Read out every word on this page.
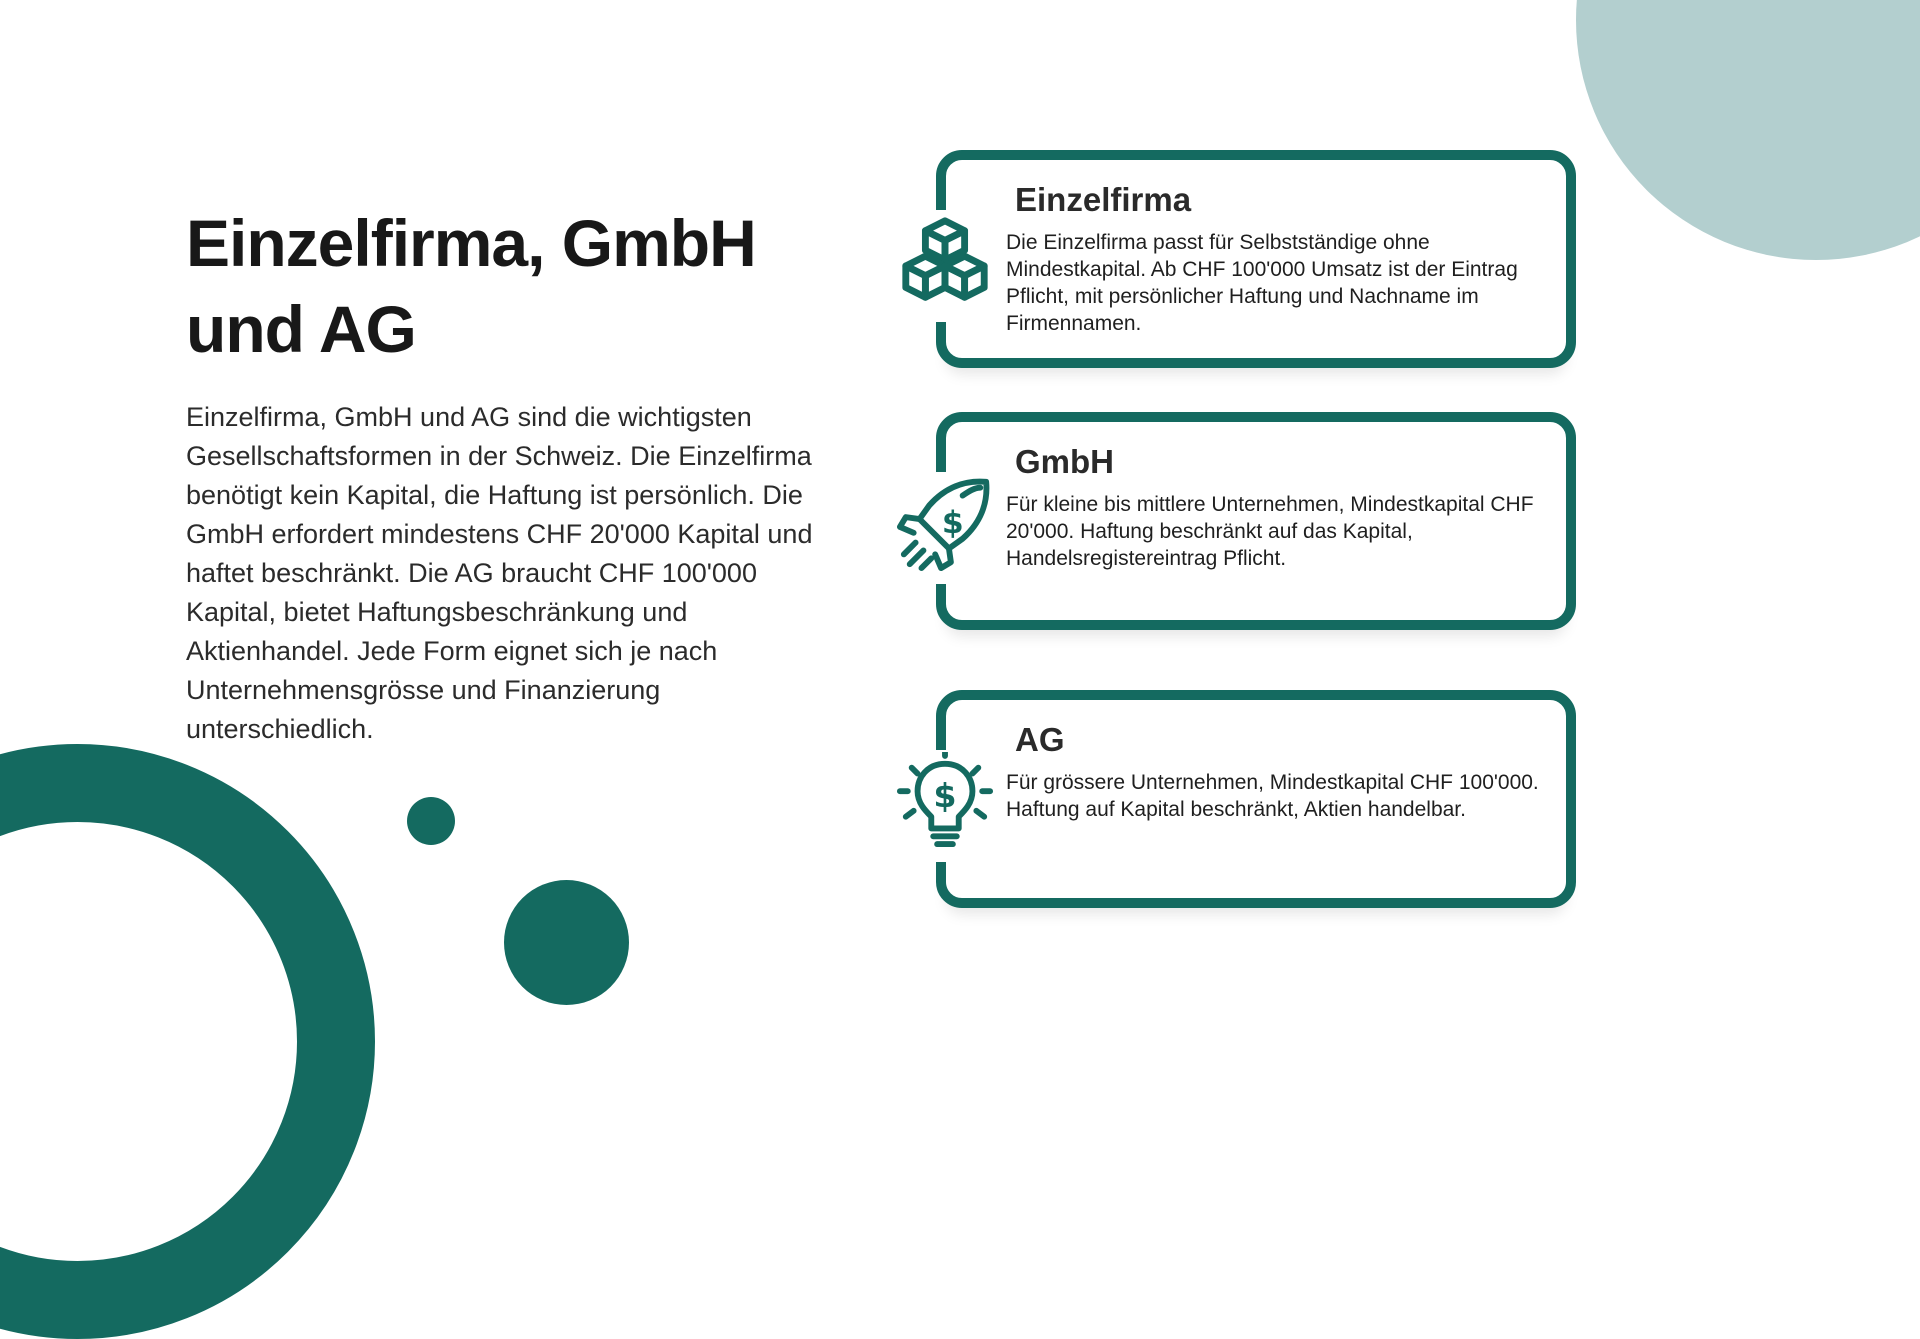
Einzelfirma, GmbH und AG

Einzelfirma, GmbH und AG sind die wichtigsten Gesellschaftsformen in der Schweiz. Die Einzelfirma benötigt kein Kapital, die Haftung ist persönlich. Die GmbH erfordert mindestens CHF 20'000 Kapital und haftet beschränkt. Die AG braucht CHF 100'000 Kapital, bietet Haftungsbeschränkung und Aktienhandel. Jede Form eignet sich je nach Unternehmensgrösse und Finanzierung unterschiedlich.

Einzelfirma

Die Einzelfirma passt für Selbstständige ohne Mindestkapital. Ab CHF 100'000 Umsatz ist der Eintrag Pflicht, mit persönlicher Haftung und Nachname im Firmennamen.

$
GmbH

Für kleine bis mittlere Unternehmen, Mindestkapital CHF 20'000. Haftung beschränkt auf das Kapital, Handelsregistereintrag Pflicht.

$
AG

Für grössere Unternehmen, Mindestkapital CHF 100'000. Haftung auf Kapital beschränkt, Aktien handelbar.
